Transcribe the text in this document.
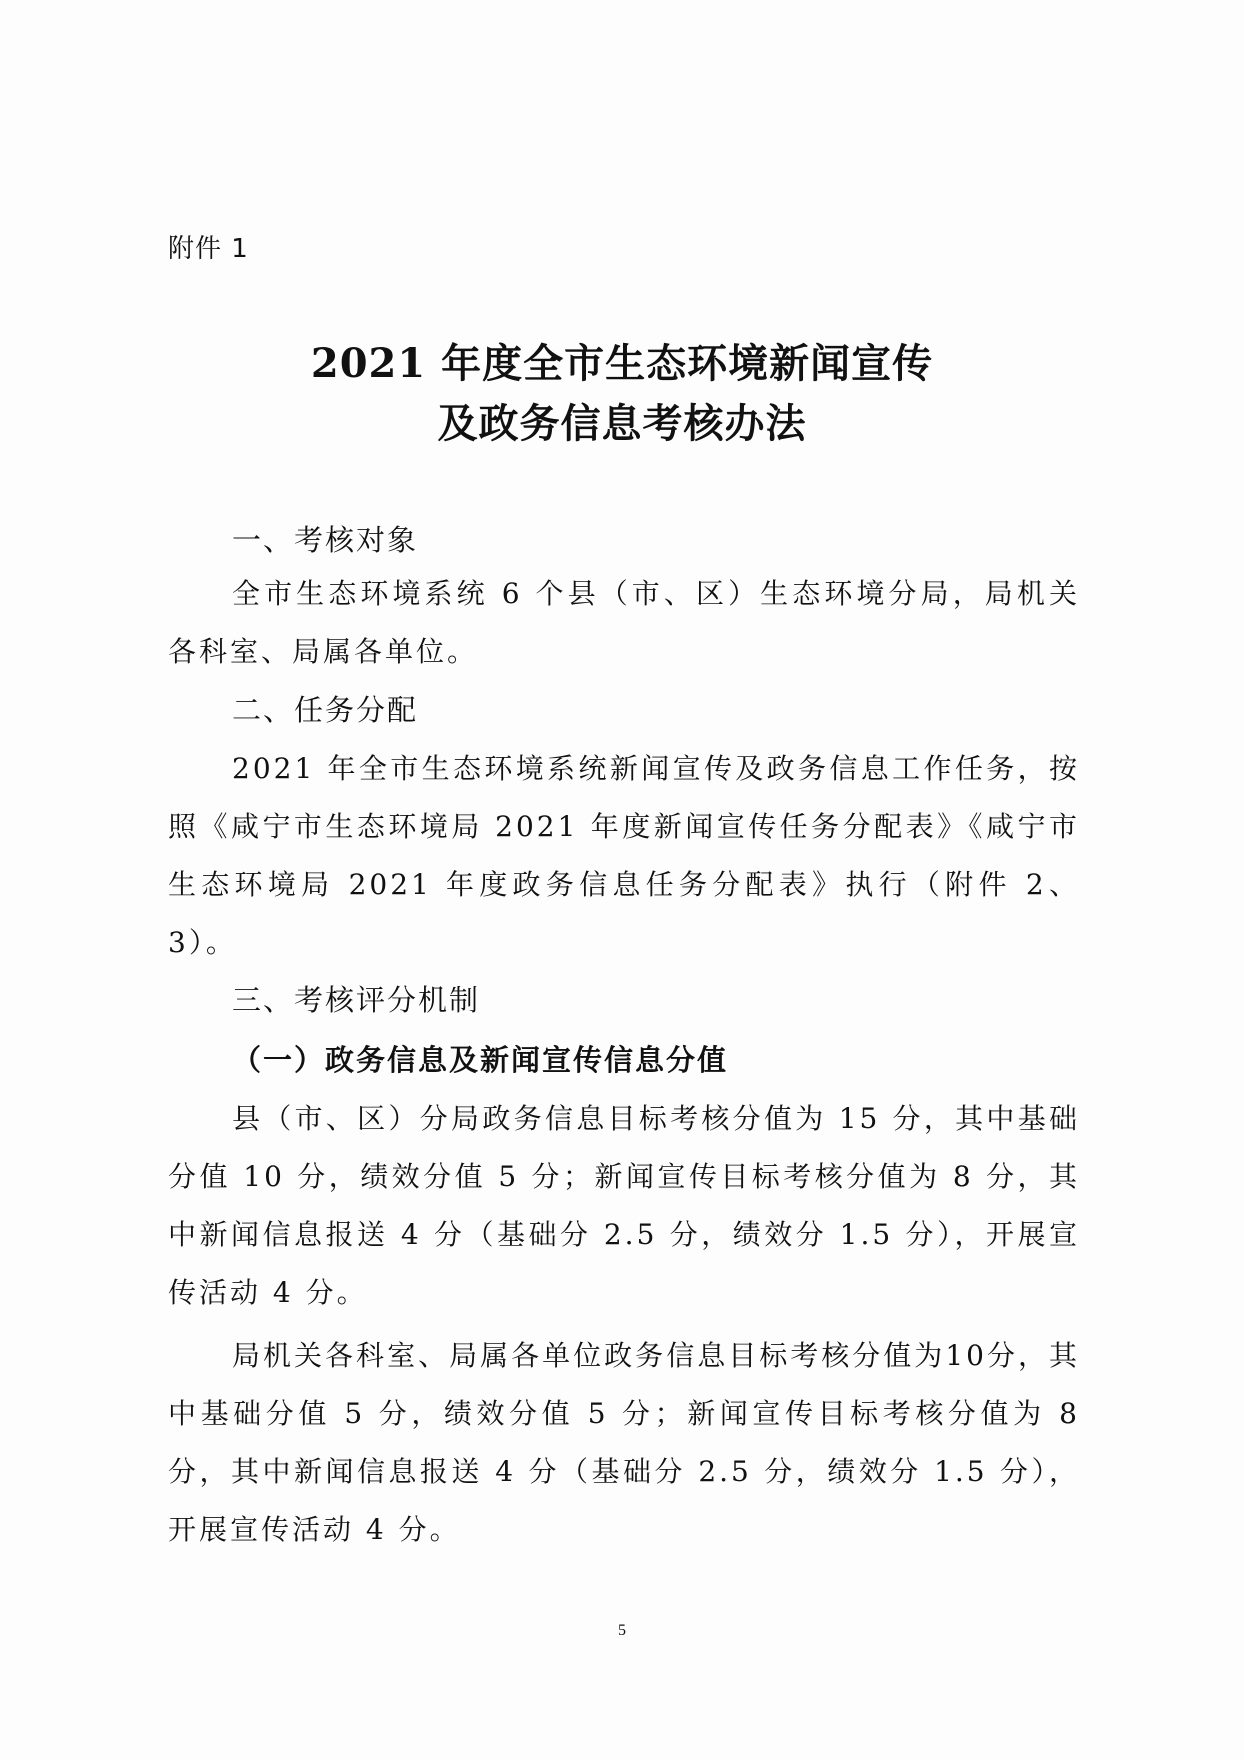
附件 1
2021 年度全市生态环境新闻宣传
及政务信息考核办法
一、考核对象

全市生态环境系统 6 个县（市、区）生态环境分局，局机关各科室、局属各单位。

二、任务分配

2021 年全市生态环境系统新闻宣传及政务信息工作任务，按照《咸宁市生态环境局 2021 年度新闻宣传任务分配表》《咸宁市生态环境局 2021 年度政务信息任务分配表》执行（附件 2、3）。

三、考核评分机制
（一）政务信息及新闻宣传信息分值

县（市、区）分局政务信息目标考核分值为 15 分，其中基础分值 10 分，绩效分值 5 分；新闻宣传目标考核分值为 8 分，其中新闻信息报送 4 分（基础分 2.5 分，绩效分 1.5 分），开展宣传活动 4 分。

局机关各科室、局属各单位政务信息目标考核分值为10分，其中基础分值 5 分，绩效分值 5 分；新闻宣传目标考核分值为 8 分，其中新闻信息报送 4 分（基础分 2.5 分，绩效分 1.5 分），开展宣传活动 4 分。

5
